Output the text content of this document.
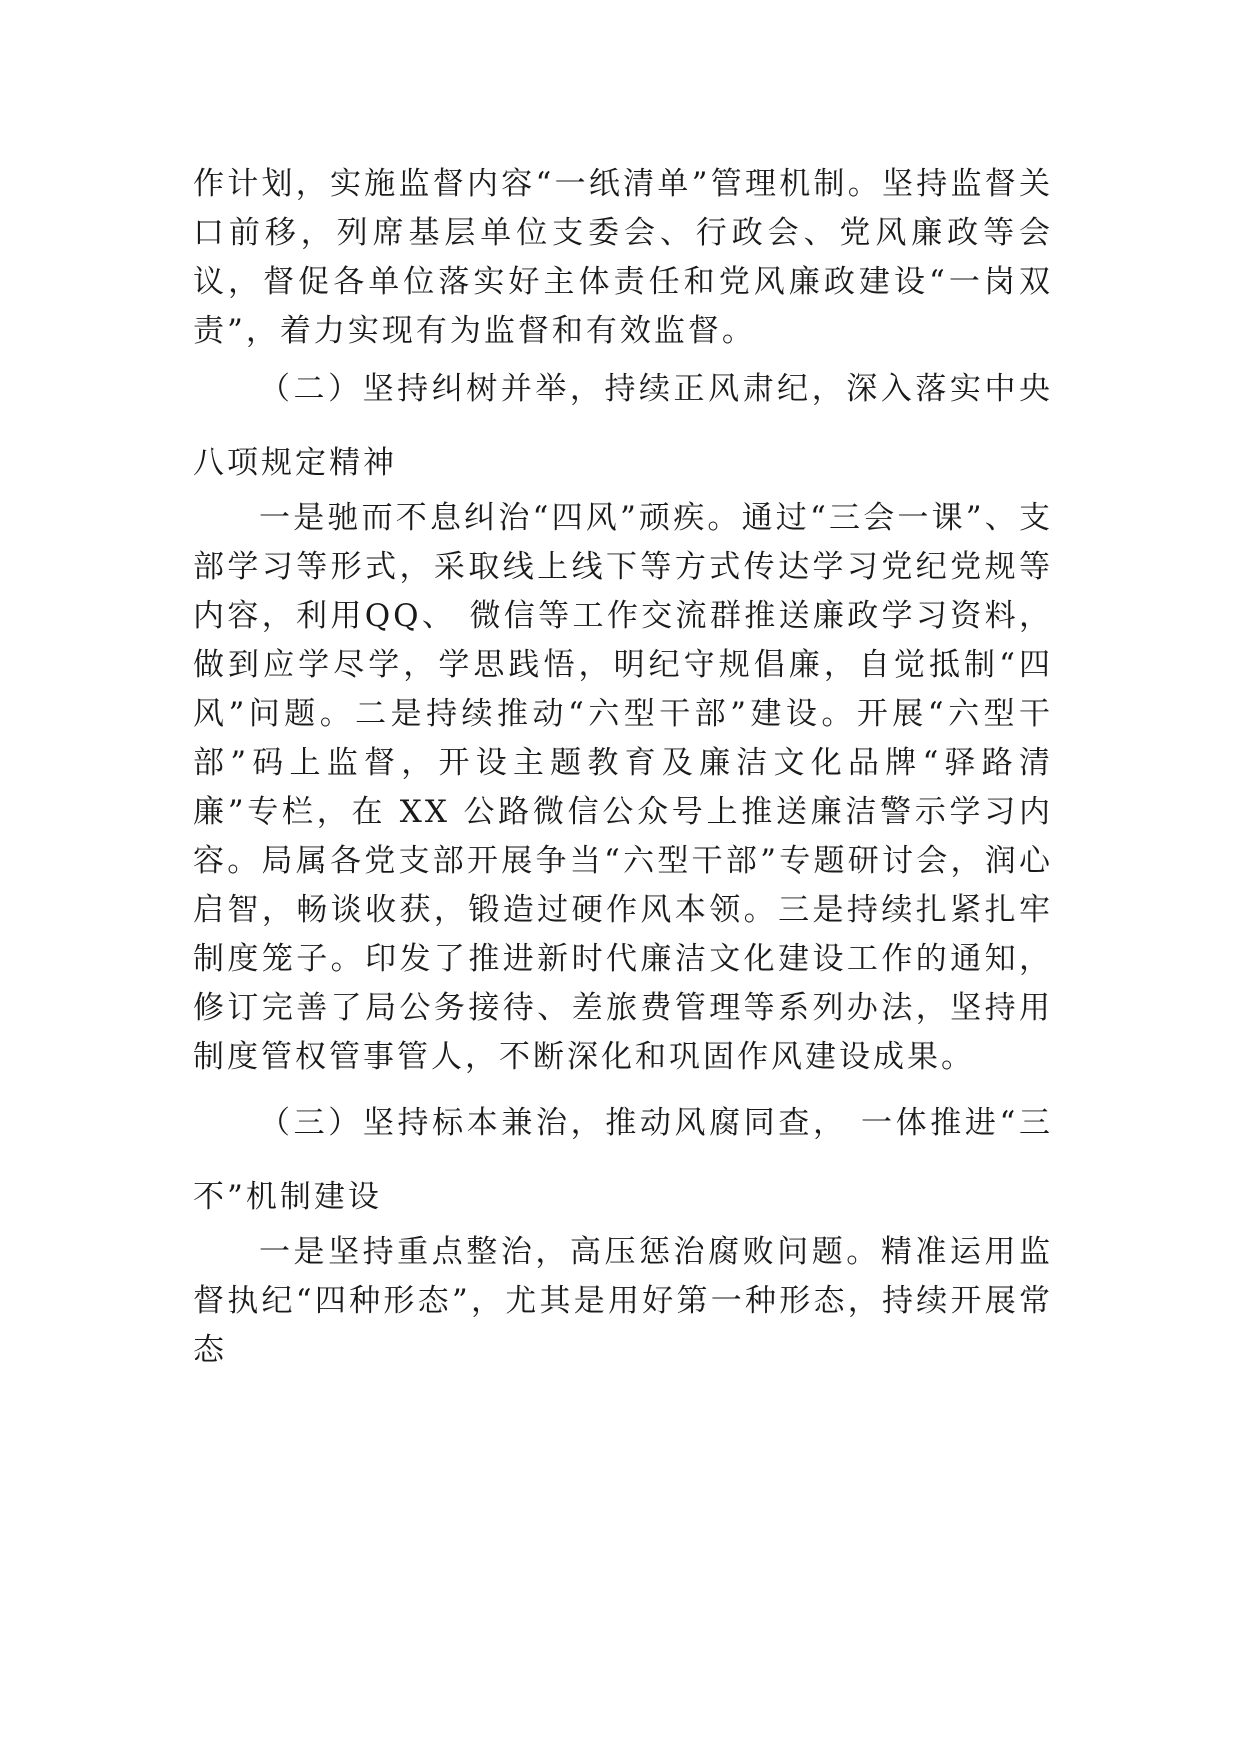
作计划，实施监督内容“一纸清单”管理机制。坚持监督关口前移，列席基层单位支委会、行政会、党风廉政等会议，督促各单位落实好主体责任和党风廉政建设“一岗双责”，着力实现有为监督和有效监督。

（二）坚持纠树并举，持续正风肃纪，深入落实中央八项规定精神

一是驰而不息纠治“四风”顽疾。通过“三会一课”、支部学习等形式，采取线上线下等方式传达学习党纪党规等内容，利用QQ、 微信等工作交流群推送廉政学习资料，做到应学尽学，学思践悟，明纪守规倡廉，自觉抵制“四风”问题。二是持续推动“六型干部”建设。开展“六型干部”码上监督，开设主题教育及廉洁文化品牌“驿路清廉”专栏，在 XX 公路微信公众号上推送廉洁警示学习内容。局属各党支部开展争当“六型干部”专题研讨会，润心启智，畅谈收获，锻造过硬作风本领。三是持续扎紧扎牢制度笼子。印发了推进新时代廉洁文化建设工作的通知，修订完善了局公务接待、差旅费管理等系列办法，坚持用制度管权管事管人，不断深化和巩固作风建设成果。

（三）坚持标本兼治，推动风腐同查， 一体推进“三不”机制建设

一是坚持重点整治，高压惩治腐败问题。精准运用监督执纪“四种形态”，尤其是用好第一种形态，持续开展常态
